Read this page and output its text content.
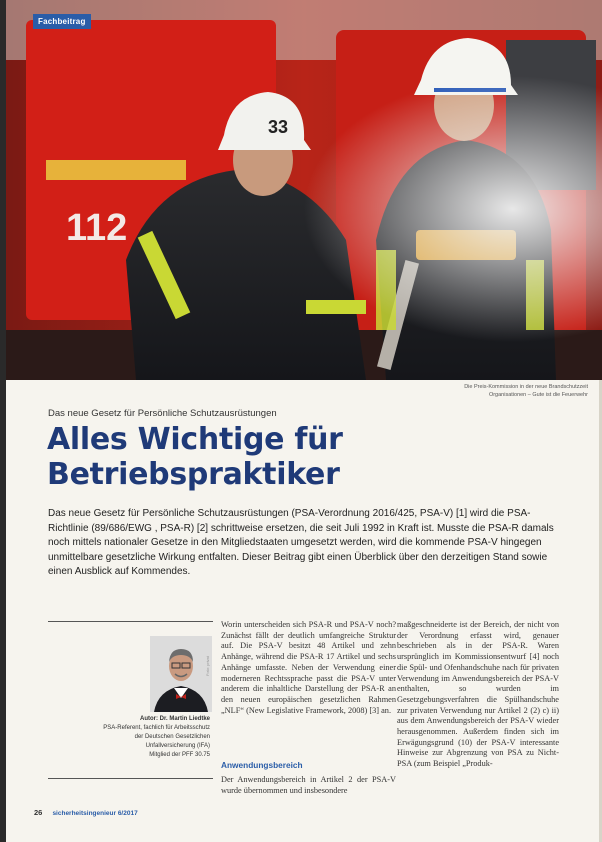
Fachbeitrag
Die Preis-Kommission in der neue Brandschutzzeit Organisationen – Gute ist die Feuerwehr
Das neue Gesetz für Persönliche Schutzausrüstungen
Alles Wichtige für
Betriebspraktiker

Das neue Gesetz für Persönliche Schutzausrüstungen (PSA-Verordnung 2016/425, PSA-V) [1] wird die PSA-Richtlinie (89/686/EWG , PSA-R) [2] schrittweise ersetzen, die seit Juli 1992 in Kraft ist. Musste die PSA-R damals noch mittels nationaler Gesetze in den Mitgliedstaaten umgesetzt werden, wird die kommende PSA-V hingegen unmittelbare gesetzliche Wirkung entfalten. Dieser Beitrag gibt einen Überblick über den derzeitigen Stand sowie einen Ausblick auf Kommendes.

Foto: privat
Autor: Dr. Martin Liedtke
PSA-Referent, fachlich für Arbeitsschutz
der Deutschen Gesetzlichen
Unfallversicherung (IFA)
Mitglied der PFF 30.75

Worin unterscheiden sich PSA-R und PSA-V noch? Zunächst fällt der deutlich umfangreiche Struktur auf. Die PSA-V besitzt 48 Artikel und zehn Anhänge, während die PSA-R 17 Artikel und sechs Anhänge umfasste. Neben der Verwendung einer moderneren Rechtssprache passt die PSA-V unter anderem die inhaltliche Darstellung der PSA-R an den neuen europäischen gesetzlichen Rahmen „NLF“ (New Legislative Framework, 2008) [3] an.

Anwendungsbereich

Der Anwendungsbereich in Artikel 2 der PSA-V wurde übernommen und insbesondere

maßgeschneiderte ist der Bereich, der nicht von der Verordnung erfasst wird, genauer beschrieben als in der PSA-R. Waren ursprünglich im Kommissionsentwurf [4] noch die Spül- und Ofenhandschuhe nach für privaten Verwendung im Anwendungsbereich der PSA-V enthalten, so wurden im Gesetzgebungsverfahren die Spülhandschuhe zur privaten Verwendung nur Artikel 2 (2) c) ii) aus dem Anwendungsbereich der PSA-V wieder herausgenommen. Außerdem finden sich im Erwägungsgrund (10) der PSA-V interessante Hinweise zur Abgrenzung von PSA zu Nicht-PSA (zum Beispiel „Produk-

26 sicherheitsingenieur 6/2017
